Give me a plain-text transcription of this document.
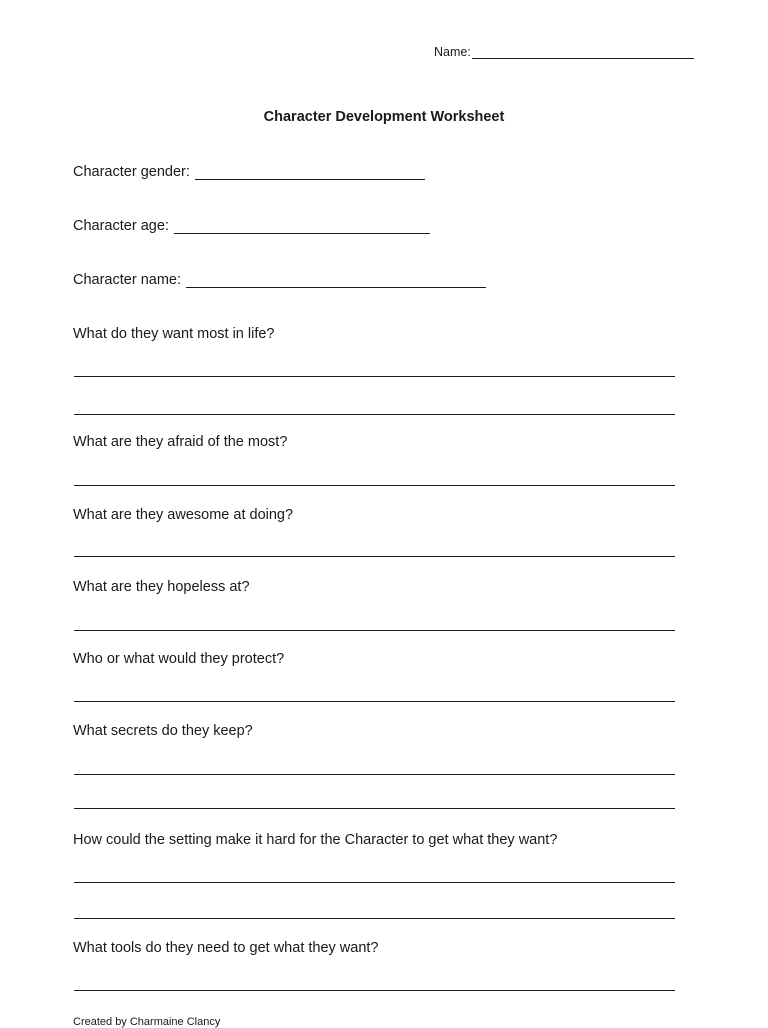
Name:
Character Development Worksheet
Character gender:
Character age:
Character name:
What do they want most in life?
What are they afraid of the most?
What are they awesome at doing?
What are they hopeless at?
Who or what would they protect?
What secrets do they keep?
How could the setting make it hard for the Character to get what they want?
What tools do they need to get what they want?
Created by Charmaine Clancy
